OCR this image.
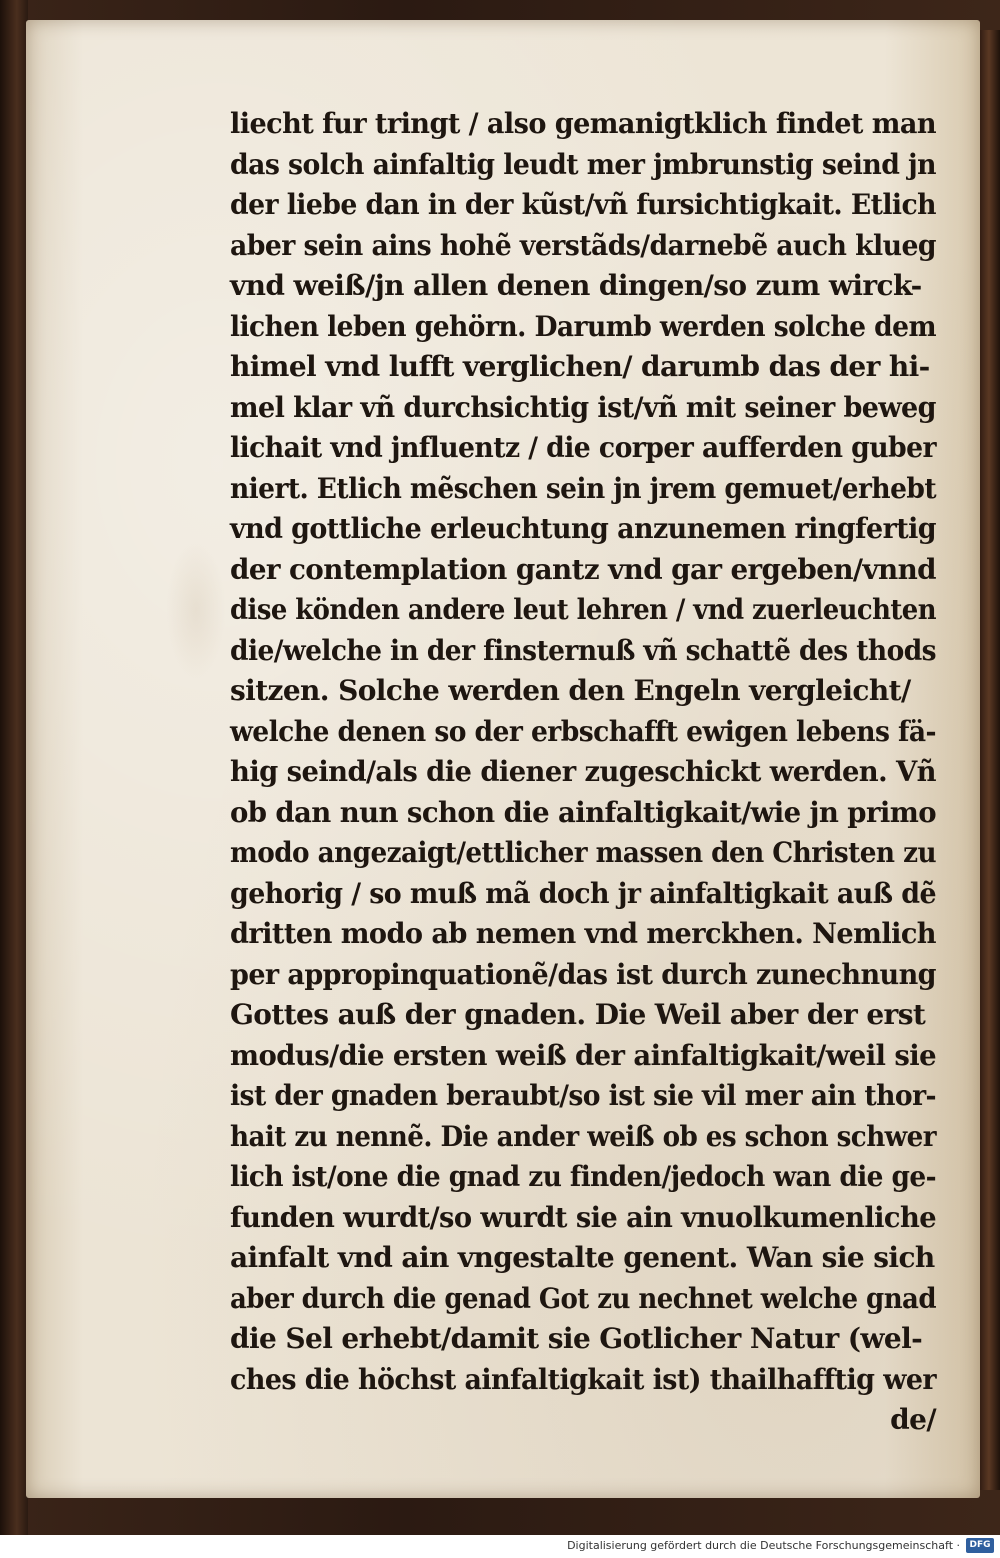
liecht fur tringt / also gemanigtklich findet man
das solch ainfaltig leudt mer jmbrunstig seind jn
der liebe dan in der kũst/vñ fursichtigkait. Etlich
aber sein ains hohẽ verstãds/darnebẽ auch klueg
vnd weiß/jn allen denen dingen/so zum wirck-
lichen leben gehörn. Darumb werden solche dem
himel vnd lufft verglichen/ darumb das der hi-
mel klar vñ durchsichtig ist/vñ mit seiner beweg
lichait vnd jnfluentz / die corper aufferden guber
niert. Etlich mẽschen sein jn jrem gemuet/erhebt
vnd gottliche erleuchtung anzunemen ringfertig
der contemplation gantz vnd gar ergeben/vnnd
dise könden andere leut lehren / vnd zuerleuchten
die/welche in der finsternuß vñ schattẽ des thods
sitzen. Solche werden den Engeln vergleicht/
welche denen so der erbschafft ewigen lebens fä-
hig seind/als die diener zugeschickt werden. Vñ
ob dan nun schon die ainfaltigkait/wie jn primo
modo angezaigt/ettlicher massen den Christen zu
gehorig / so muß mã doch jr ainfaltigkait auß dẽ
dritten modo ab nemen vnd merckhen. Nemlich
per appropinquationẽ/das ist durch zunechnung
Gottes auß der gnaden. Die Weil aber der erst
modus/die ersten weiß der ainfaltigkait/weil sie
ist der gnaden beraubt/so ist sie vil mer ain thor-
hait zu nennẽ. Die ander weiß ob es schon schwer
lich ist/one die gnad zu finden/jedoch wan die ge-
funden wurdt/so wurdt sie ain vnuolkumenliche
ainfalt vnd ain vngestalte genent. Wan sie sich
aber durch die genad Got zu nechnet welche gnad
die Sel erhebt/damit sie Gotlicher Natur (wel-
ches die höchst ainfaltigkait ist) thailhafftig wer
de/
Digitalisierung gefördert durch die Deutsche Forschungsgemeinschaft ·	DFG
